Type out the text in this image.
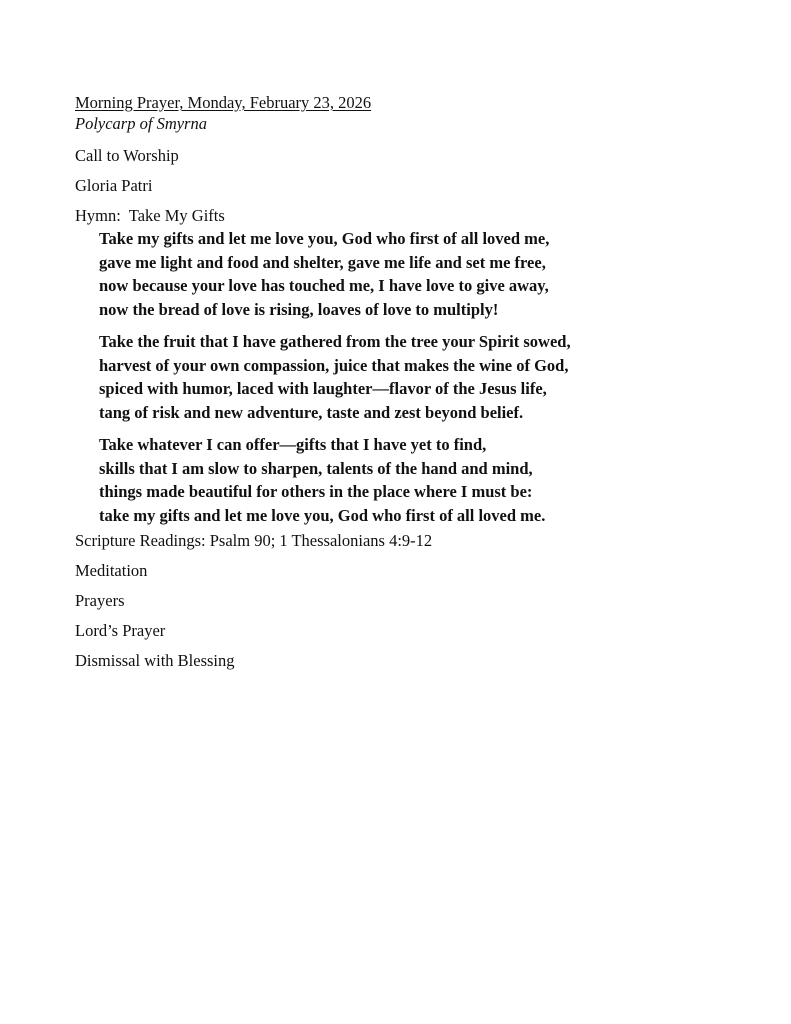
Morning Prayer, Monday, February 23, 2026
Polycarp of Smyrna
Call to Worship
Gloria Patri
Hymn:  Take My Gifts
Take my gifts and let me love you, God who first of all loved me,
gave me light and food and shelter, gave me life and set me free,
now because your love has touched me, I have love to give away,
now the bread of love is rising, loaves of love to multiply!
Take the fruit that I have gathered from the tree your Spirit sowed,
harvest of your own compassion, juice that makes the wine of God,
spiced with humor, laced with laughter—flavor of the Jesus life,
tang of risk and new adventure, taste and zest beyond belief.
Take whatever I can offer—gifts that I have yet to find,
skills that I am slow to sharpen, talents of the hand and mind,
things made beautiful for others in the place where I must be:
take my gifts and let me love you, God who first of all loved me.
Scripture Readings: Psalm 90; 1 Thessalonians 4:9-12
Meditation
Prayers
Lord’s Prayer
Dismissal with Blessing
